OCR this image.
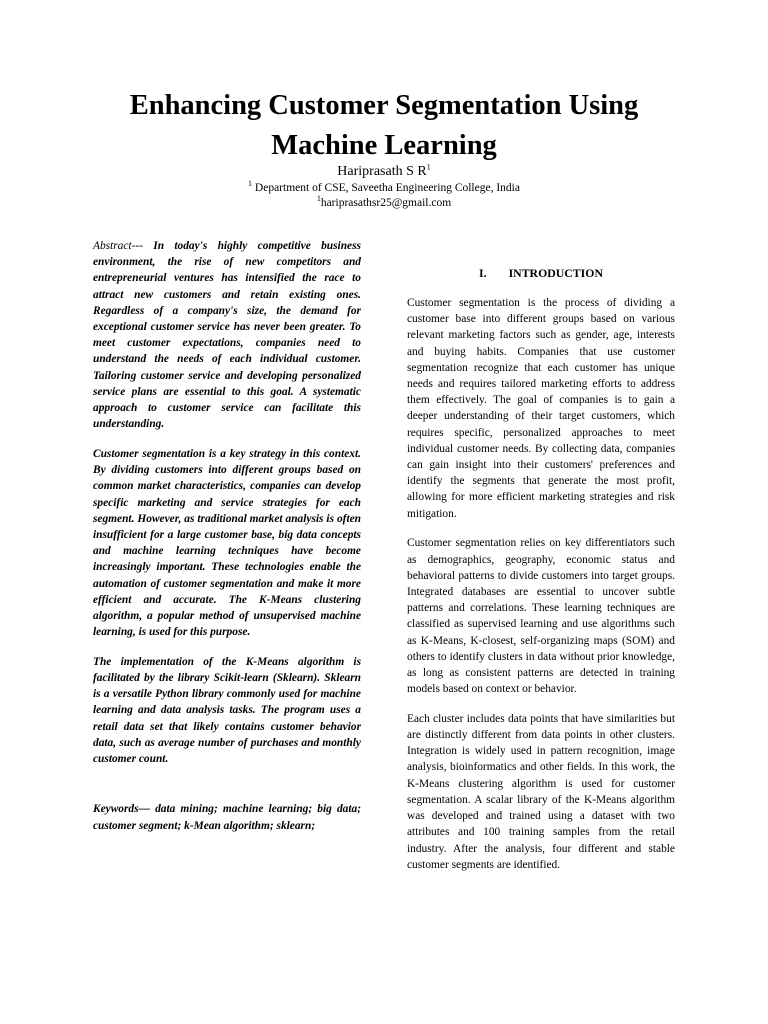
Enhancing Customer Segmentation Using
Machine Learning
Hariprasath S $R^1$
$^1$ Department of CSE, Saveetha Engineering College, India
$^1$hariprasathsr25@gmail.com

Abstract--- In today's highly competitive business environment, the rise of new competitors and entrepreneurial ventures has intensified the race to attract new customers and retain existing ones. Regardless of a company's size, the demand for exceptional customer service has never been greater. To meet customer expectations, companies need to understand the needs of each individual customer. Tailoring customer service and developing personalized service plans are essential to this goal. A systematic approach to customer service can facilitate this understanding.

Customer segmentation is a key strategy in this context. By dividing customers into different groups based on common market characteristics, companies can develop specific marketing and service strategies for each segment. However, as traditional market analysis is often insufficient for a large customer base, big data concepts and machine learning techniques have become increasingly important. These technologies enable the automation of customer segmentation and make it more efficient and accurate. The K-Means clustering algorithm, a popular method of unsupervised machine learning, is used for this purpose.

The implementation of the K-Means algorithm is facilitated by the library Scikit-learn (Sklearn). Sklearn is a versatile Python library commonly used for machine learning and data analysis tasks. The program uses a retail data set that likely contains customer behavior data, such as average number of purchases and monthly customer count.

Keywords— data mining; machine learning; big data; customer segment; k-Mean algorithm; sklearn;

I. INTRODUCTION

Customer segmentation is the process of dividing a customer base into different groups based on various relevant marketing factors such as gender, age, interests and buying habits. Companies that use customer segmentation recognize that each customer has unique needs and requires tailored marketing efforts to address them effectively. The goal of companies is to gain a deeper understanding of their target customers, which requires specific, personalized approaches to meet individual customer needs. By collecting data, companies can gain insight into their customers' preferences and identify the segments that generate the most profit, allowing for more efficient marketing strategies and risk mitigation.

Customer segmentation relies on key differentiators such as demographics, geography, economic status and behavioral patterns to divide customers into target groups. Integrated databases are essential to uncover subtle patterns and correlations. These learning techniques are classified as supervised learning and use algorithms such as K-Means, K-closest, self-organizing maps (SOM) and others to identify clusters in data without prior knowledge, as long as consistent patterns are detected in training models based on context or behavior.

Each cluster includes data points that have similarities but are distinctly different from data points in other clusters. Integration is widely used in pattern recognition, image analysis, bioinformatics and other fields. In this work, the K-Means clustering algorithm is used for customer segmentation. A scalar library of the K-Means algorithm was developed and trained using a dataset with two attributes and 100 training samples from the retail industry. After the analysis, four different and stable customer segments are identified.
